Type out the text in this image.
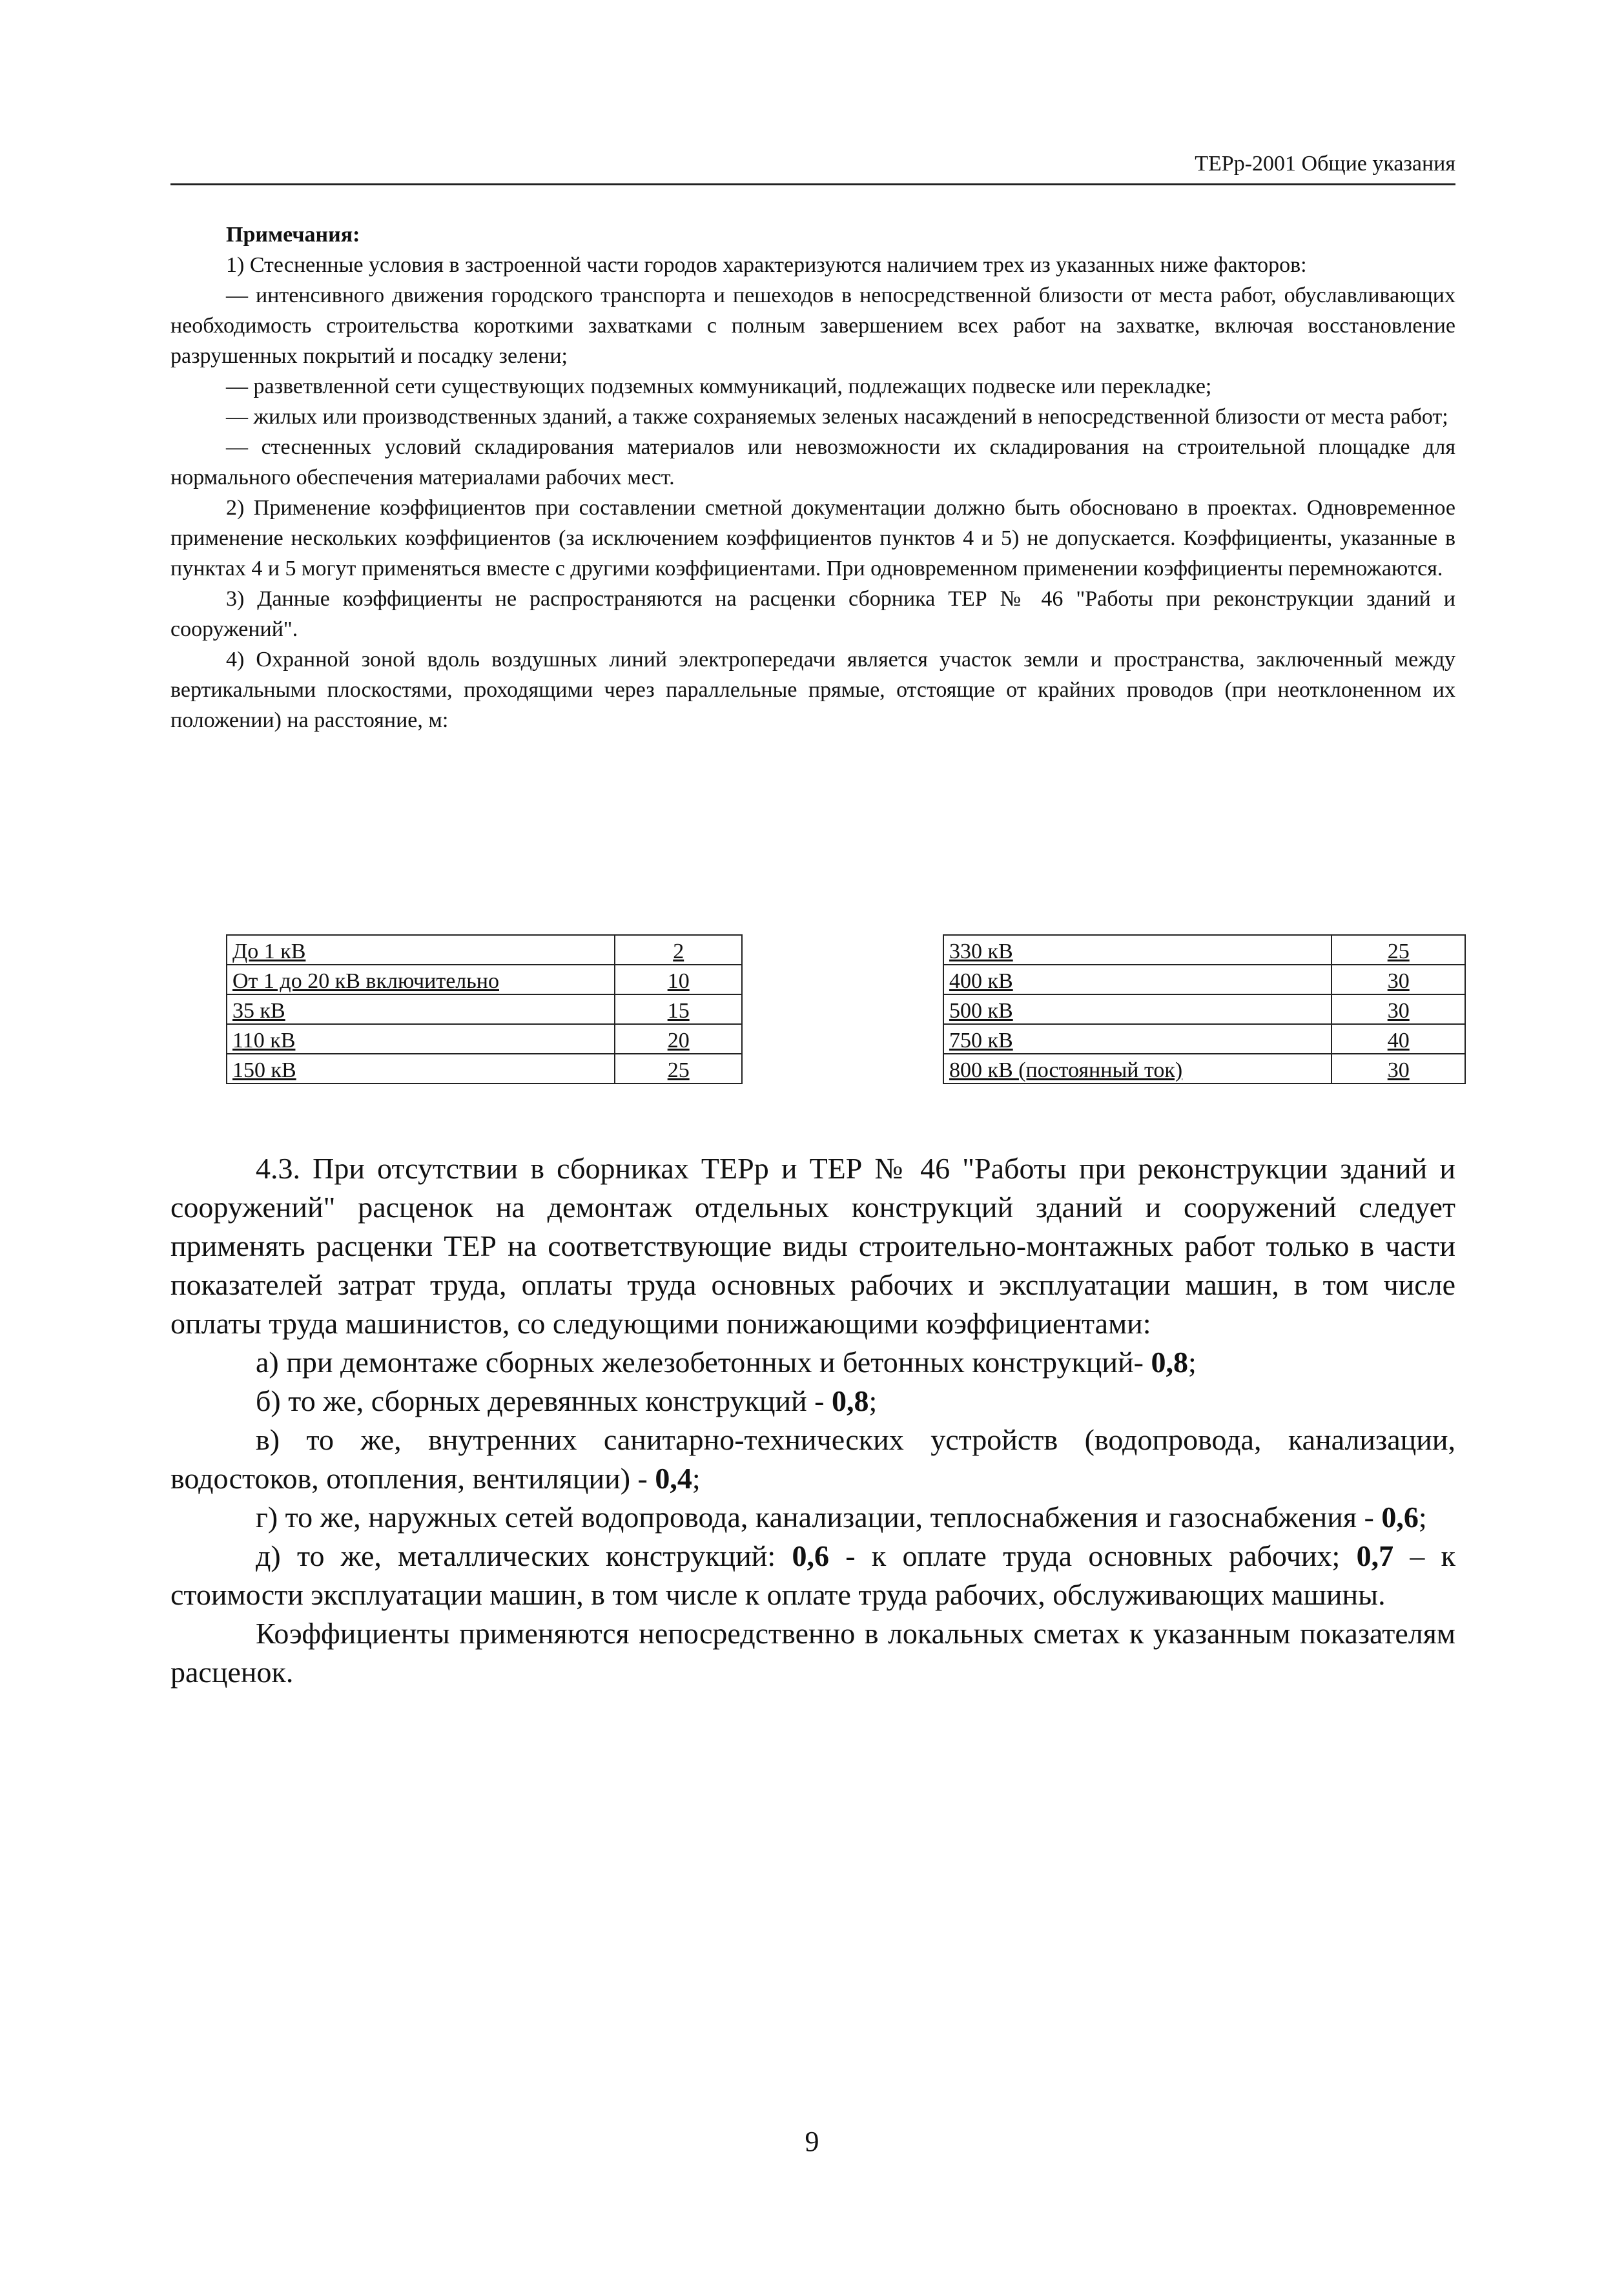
ТЕРр-2001 Общие указания

Примечания:

1) Стесненные условия в застроенной части городов характеризуются наличием трех из указанных ниже факторов:

— интенсивного движения городского транспорта и пешеходов в непосредственной близости от места работ, обуславливающих необходимость строительства короткими захватками с полным завершением всех работ на захватке, включая восстановление разрушенных покрытий и посадку зелени;

— разветвленной сети существующих подземных коммуникаций, подлежащих подвеске или перекладке;

— жилых или производственных зданий, а также сохраняемых зеленых насаждений в непосредственной близости от места работ;

— стесненных условий складирования материалов или невозможности их складирования на строительной площадке для нормального обеспечения материалами рабочих мест.

2) Применение коэффициентов при составлении сметной документации должно быть обосновано в проектах. Одновременное применение нескольких коэффициентов (за исключением коэффициентов пунктов 4 и 5) не допускается. Коэффициенты, указанные в пунктах 4 и 5 могут применяться вместе с другими коэффициентами. При одновременном применении коэффициенты перемножаются.

3) Данные коэффициенты не распространяются на расценки сборника ТЕР № 46 "Работы при реконструкции зданий и сооружений".

4) Охранной зоной вдоль воздушных линий электропередачи является участок земли и пространства, заключенный между вертикальными плоскостями, проходящими через параллельные прямые, отстоящие от крайних проводов (при неотклоненном их положении) на расстояние, м:

До 1 кВ	2
От 1 до 20 кВ включительно	10
35 кВ	15
110 кВ	20
150 кВ	25
330 кВ	25
400 кВ	30
500 кВ	30
750 кВ	40
800 кВ (постоянный ток)	30

4.3. При отсутствии в сборниках ТЕРр и ТЕР № 46 "Работы при реконструкции зданий и сооружений" расценок на демонтаж отдельных конструкций зданий и сооружений следует применять расценки ТЕР на соответствующие виды строительно-монтажных работ только в части показателей затрат труда, оплаты труда основных рабочих и эксплуатации машин, в том числе оплаты труда машинистов, со следующими понижающими коэффициентами:

а) при демонтаже сборных железобетонных и бетонных конструкций- 0,8;

б) то же, сборных деревянных конструкций - 0,8;

в) то же, внутренних санитарно-технических устройств (водопровода, канализации, водостоков, отопления, вентиляции) - 0,4;

г) то же, наружных сетей водопровода, канализации, теплоснабжения и газоснабжения - 0,6;

д) то же, металлических конструкций: 0,6 - к оплате труда основных рабочих; 0,7 – к стоимости эксплуатации машин, в том числе к оплате труда рабочих, обслуживающих машины.

Коэффициенты применяются непосредственно в локальных сметах к указанным показателям расценок.

9
